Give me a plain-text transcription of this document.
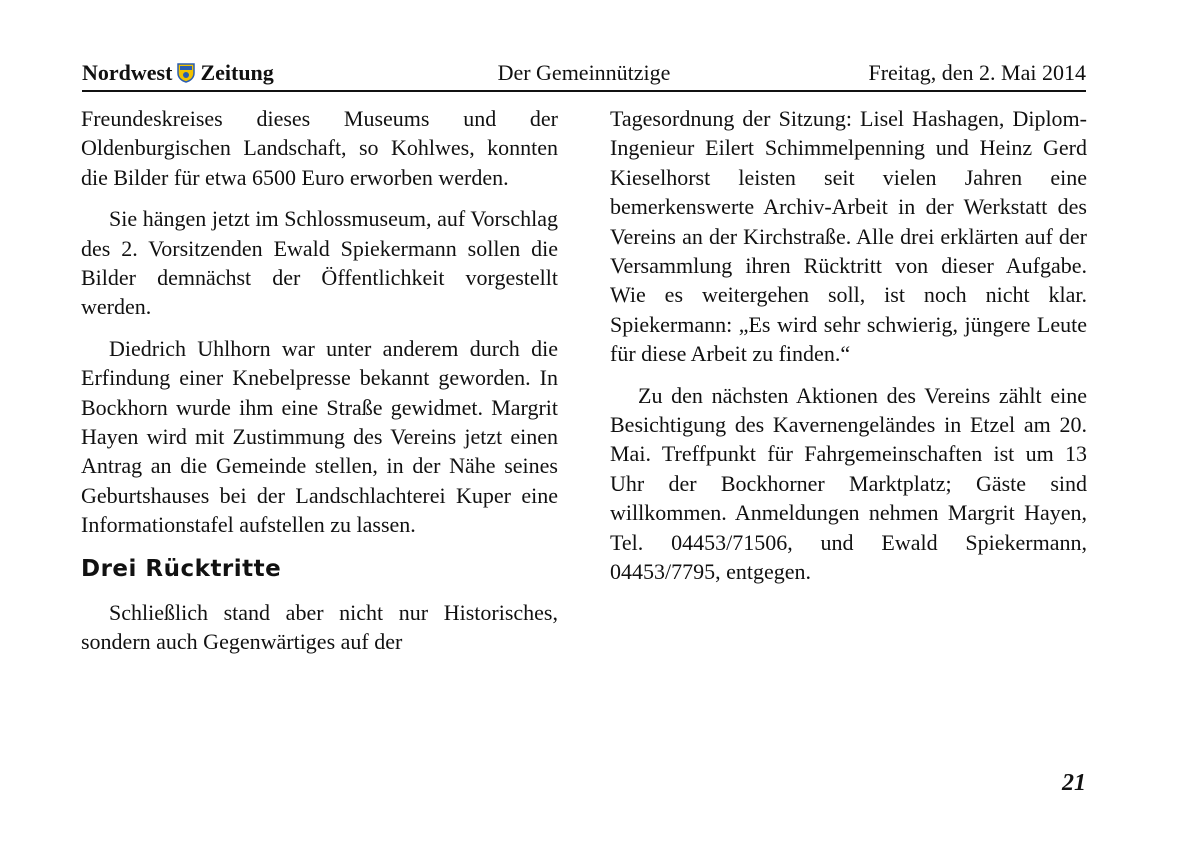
Nordwest Zeitung	Der Gemeinnützige	Freitag, den 2. Mai 2014

Freundeskreises dieses Museums und der Oldenburgischen Landschaft, so Kohlwes, konnten die Bilder für etwa 6500 Euro erworben werden.

Sie hängen jetzt im Schlossmuseum, auf Vorschlag des 2. Vorsitzenden Ewald Spiekermann sollen die Bilder demnächst der Öffentlichkeit vorgestellt werden.

Diedrich Uhlhorn war unter anderem durch die Erfindung einer Knebelpresse bekannt geworden. In Bockhorn wurde ihm eine Straße gewidmet. Margrit Hayen wird mit Zustimmung des Vereins jetzt einen Antrag an die Gemeinde stellen, in der Nähe seines Geburtshauses bei der Landschlachterei Kuper eine Informationstafel aufstellen zu lassen.

Drei Rücktritte

Schließlich stand aber nicht nur Historisches, sondern auch Gegenwärtiges auf der

Tagesordnung der Sitzung: Lisel Hashagen, Diplom-Ingenieur Eilert Schimmelpenning und Heinz Gerd Kieselhorst leisten seit vielen Jahren eine bemerkenswerte Archiv-Arbeit in der Werkstatt des Vereins an der Kirchstraße. Alle drei erklärten auf der Versammlung ihren Rücktritt von dieser Aufgabe. Wie es weitergehen soll, ist noch nicht klar. Spiekermann: „Es wird sehr schwierig, jüngere Leute für diese Arbeit zu finden.“

Zu den nächsten Aktionen des Vereins zählt eine Besichtigung des Kavernengeländes in Etzel am 20. Mai. Treffpunkt für Fahrgemeinschaften ist um 13 Uhr der Bockhorner Marktplatz; Gäste sind willkommen. Anmeldungen nehmen Margrit Hayen, Tel. 04453/71506, und Ewald Spiekermann, 04453/7795, entgegen.

21
